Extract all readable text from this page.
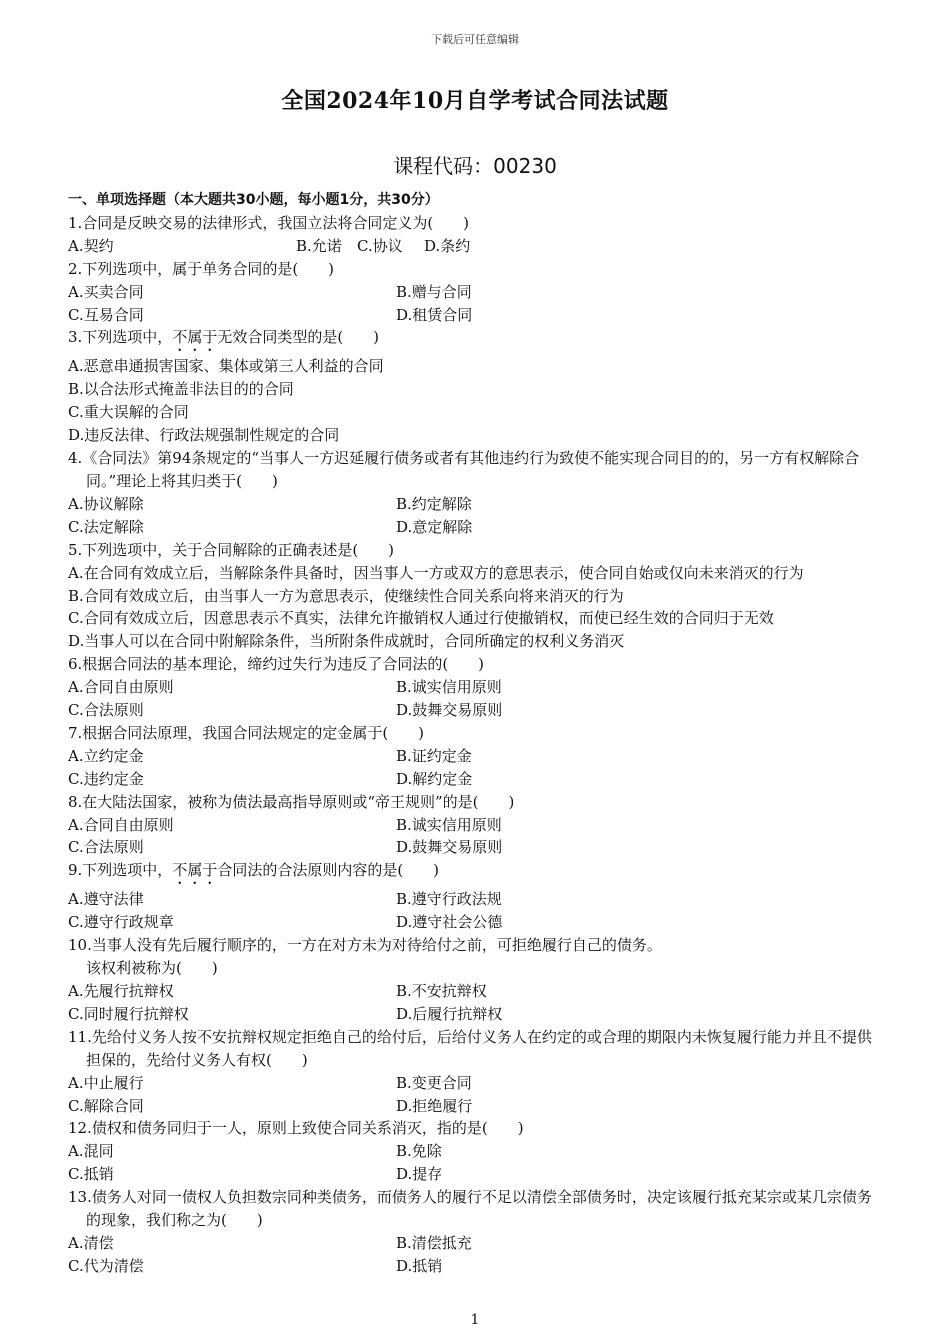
下载后可任意编辑
全国2024年10月自学考试合同法试题
课程代码：00230
一、单项选择题（本大题共30小题，每小题1分，共30分）
1.合同是反映交易的法律形式，我国立法将合同定义为(　　)
A.契约	B.允诺	C.协议	D.条约
2.下列选项中，属于单务合同的是(　　)
A.买卖合同	B.赠与合同
C.互易合同	D.租赁合同
3.下列选项中，不属于无效合同类型的是(　　)
A.恶意串通损害国家、集体或第三人利益的合同
B.以合法形式掩盖非法目的的合同
C.重大误解的合同
D.违反法律、行政法规强制性规定的合同
4.《合同法》第94条规定的“当事人一方迟延履行债务或者有其他违约行为致使不能实现合同目的的，另一方有权解除合同。”理论上将其归类于(　　)
A.协议解除	B.约定解除
C.法定解除	D.意定解除
5.下列选项中，关于合同解除的正确表述是(　　)
A.在合同有效成立后，当解除条件具备时，因当事人一方或双方的意思表示，使合同自始或仅向未来消灭的行为
B.合同有效成立后，由当事人一方为意思表示，使继续性合同关系向将来消灭的行为
C.合同有效成立后，因意思表示不真实，法律允许撤销权人通过行使撤销权，而使已经生效的合同归于无效
D.当事人可以在合同中附解除条件，当所附条件成就时，合同所确定的权利义务消灭
6.根据合同法的基本理论，缔约过失行为违反了合同法的(　　)
A.合同自由原则	B.诚实信用原则
C.合法原则	D.鼓舞交易原则
7.根据合同法原理，我国合同法规定的定金属于(　　)
A.立约定金	B.证约定金
C.违约定金	D.解约定金
8.在大陆法国家，被称为债法最高指导原则或“帝王规则”的是(　　)
A.合同自由原则	B.诚实信用原则
C.合法原则	D.鼓舞交易原则
9.下列选项中，不属于合同法的合法原则内容的是(　　)
A.遵守法律	B.遵守行政法规
C.遵守行政规章	D.遵守社会公德
10.当事人没有先后履行顺序的，一方在对方未为对待给付之前，可拒绝履行自己的债务。
该权利被称为(　　)
A.先履行抗辩权	B.不安抗辩权
C.同时履行抗辩权	D.后履行抗辩权
11.先给付义务人按不安抗辩权规定拒绝自己的给付后，后给付义务人在约定的或合理的期限内未恢复履行能力并且不提供担保的，先给付义务人有权(　　)
A.中止履行	B.变更合同
C.解除合同	D.拒绝履行
12.债权和债务同归于一人，原则上致使合同关系消灭，指的是(　　)
A.混同	B.免除
C.抵销	D.提存
13.债务人对同一债权人负担数宗同种类债务，而债务人的履行不足以清偿全部债务时，决定该履行抵充某宗或某几宗债务的现象，我们称之为(　　)
A.清偿	B.清偿抵充
C.代为清偿	D.抵销
1
